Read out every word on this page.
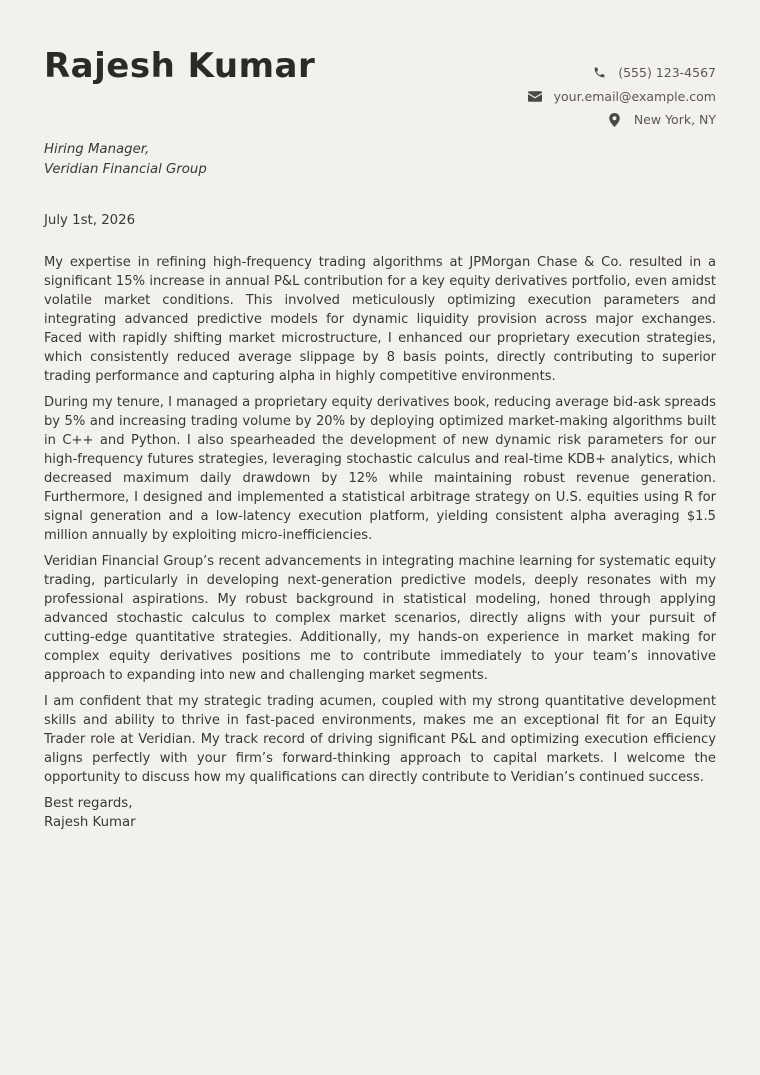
Rajesh Kumar	(555) 123-4567
your.email@example.com
New York, NY
Hiring Manager,
Veridian Financial Group
July 1st, 2026

My expertise in refining high-frequency trading algorithms at JPMorgan Chase & Co. resulted in a significant 15% increase in annual P&L contribution for a key equity derivatives portfolio, even amidst volatile market conditions. This involved meticulously optimizing execution parameters and integrating advanced predictive models for dynamic liquidity provision across major exchanges. Faced with rapidly shifting market microstructure, I enhanced our proprietary execution strategies, which consistently reduced average slippage by 8 basis points, directly contributing to superior trading performance and capturing alpha in highly competitive environments.

During my tenure, I managed a proprietary equity derivatives book, reducing average bid-ask spreads by 5% and increasing trading volume by 20% by deploying optimized market-making algorithms built in C++ and Python. I also spearheaded the development of new dynamic risk parameters for our high-frequency futures strategies, leveraging stochastic calculus and real-time KDB+ analytics, which decreased maximum daily drawdown by 12% while maintaining robust revenue generation. Furthermore, I designed and implemented a statistical arbitrage strategy on U.S. equities using R for signal generation and a low-latency execution platform, yielding consistent alpha averaging $1.5 million annually by exploiting micro-inefficiencies.

Veridian Financial Group’s recent advancements in integrating machine learning for systematic equity trading, particularly in developing next-generation predictive models, deeply resonates with my professional aspirations. My robust background in statistical modeling, honed through applying advanced stochastic calculus to complex market scenarios, directly aligns with your pursuit of cutting-edge quantitative strategies. Additionally, my hands-on experience in market making for complex equity derivatives positions me to contribute immediately to your team’s innovative approach to expanding into new and challenging market segments.

I am confident that my strategic trading acumen, coupled with my strong quantitative development skills and ability to thrive in fast-paced environments, makes me an exceptional fit for an Equity Trader role at Veridian. My track record of driving significant P&L and optimizing execution efficiency aligns perfectly with your firm’s forward-thinking approach to capital markets. I welcome the opportunity to discuss how my qualifications can directly contribute to Veridian’s continued success.

Best regards,
Rajesh Kumar
